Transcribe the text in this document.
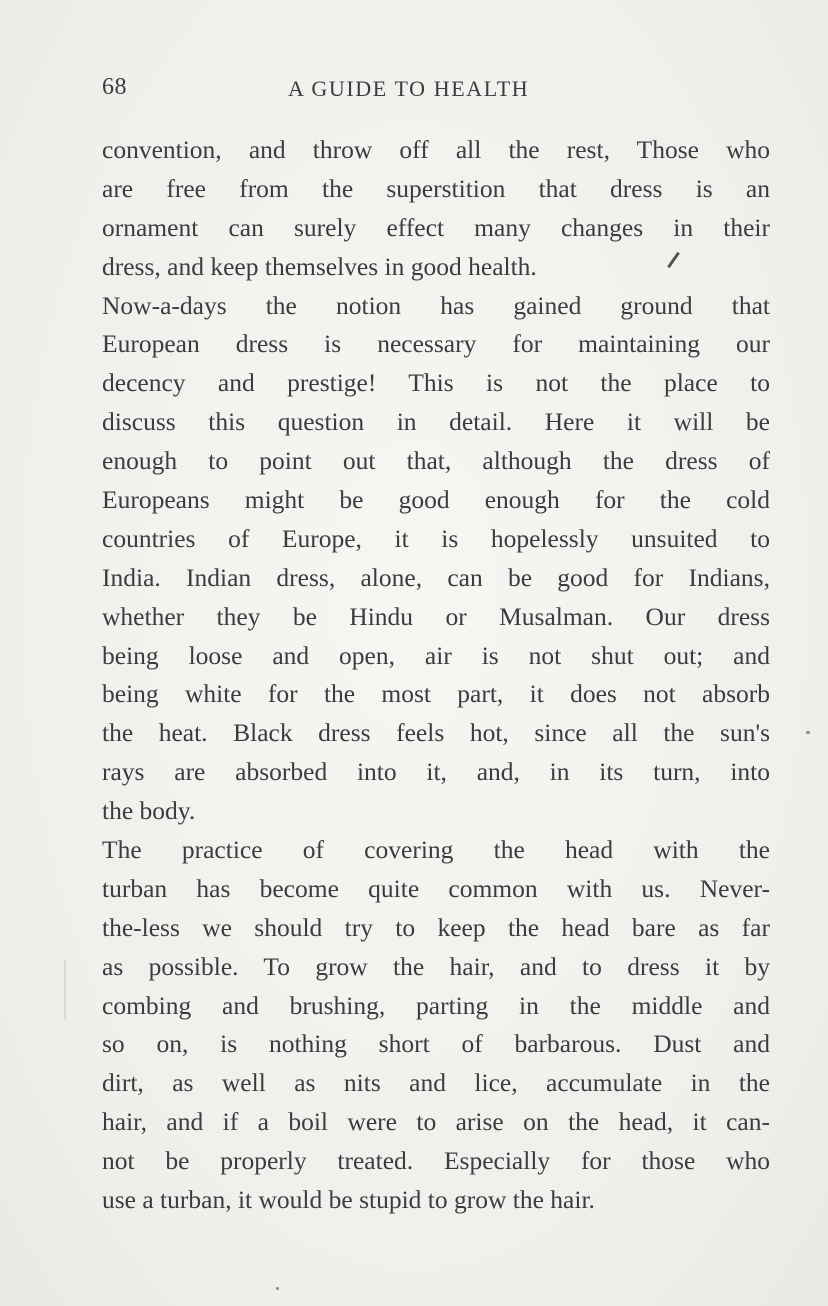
68	A GUIDE TO HEALTH
convention, and throw off all the rest, Those who
are free from the superstition that dress is an
ornament can surely effect many changes in their
dress, and keep themselves in good health.
Now-a-days the notion has gained ground that
European dress is necessary for maintaining our
decency and prestige! This is not the place to
discuss this question in detail. Here it will be
enough to point out that, although the dress of
Europeans might be good enough for the cold
countries of Europe, it is hopelessly unsuited to
India. Indian dress, alone, can be good for Indians,
whether they be Hindu or Musalman. Our dress
being loose and open, air is not shut out; and
being white for the most part, it does not absorb
the heat. Black dress feels hot, since all the sun's
rays are absorbed into it, and, in its turn, into
the body.
The practice of covering the head with the
turban has become quite common with us. Never-
the-less we should try to keep the head bare as far
as possible. To grow the hair, and to dress it by
combing and brushing, parting in the middle and
so on, is nothing short of barbarous. Dust and
dirt, as well as nits and lice, accumulate in the
hair, and if a boil were to arise on the head, it can-
not be properly treated. Especially for those who
use a turban, it would be stupid to grow the hair.
